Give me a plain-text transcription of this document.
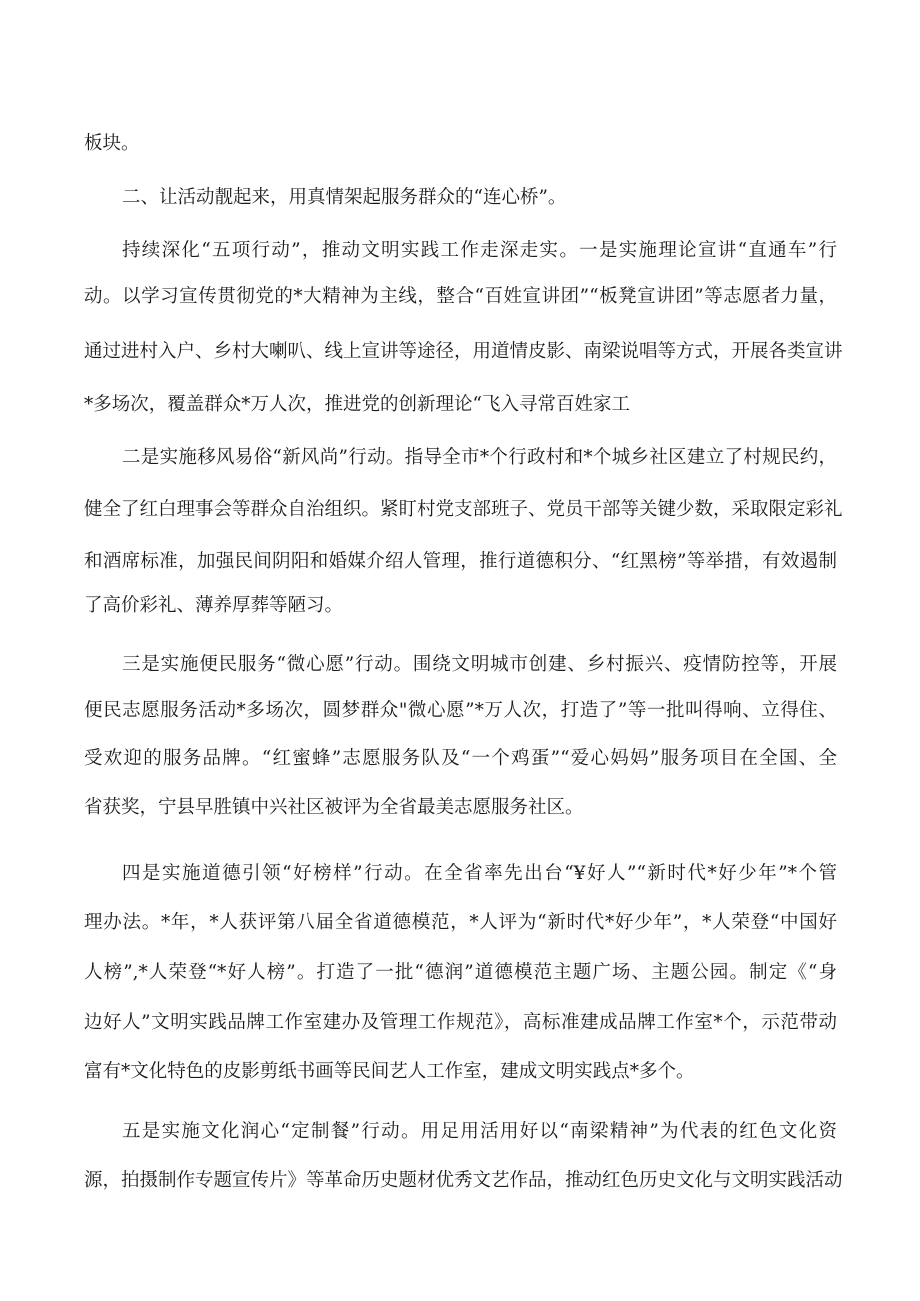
板块。
二、让活动靓起来，用真情架起服务群众的“连心桥”。
持续深化“五项行动”，推动文明实践工作走深走实。一是实施理论宣讲“直通车”行
动。以学习宣传贯彻党的*大精神为主线，整合“百姓宣讲团”“板凳宣讲团”等志愿者力量，
通过进村入户、乡村大喇叭、线上宣讲等途径，用道情皮影、南梁说唱等方式，开展各类宣讲
*多场次，覆盖群众*万人次，推进党的创新理论“飞入寻常百姓家工
二是实施移风易俗“新风尚”行动。指导全市*个行政村和*个城乡社区建立了村规民约，
健全了红白理事会等群众自治组织。紧盯村党支部班子、党员干部等关键少数，采取限定彩礼
和酒席标准，加强民间阴阳和婚媒介绍人管理，推行道德积分、“红黑榜”等举措，有效遏制
了高价彩礼、薄养厚葬等陋习。
三是实施便民服务“微心愿”行动。围绕文明城市创建、乡村振兴、疫情防控等，开展
便民志愿服务活动*多场次，圆梦群众"微心愿”*万人次，打造了”等一批叫得响、立得住、
受欢迎的服务品牌。“红蜜蜂”志愿服务队及“一个鸡蛋”“爱心妈妈”服务项目在全国、全
省获奖，宁县早胜镇中兴社区被评为全省最美志愿服务社区。
四是实施道德引领“好榜样”行动。在全省率先出台“¥好人”“新时代*好少年”*个管
理办法。*年，*人获评第八届全省道德模范，*人评为“新时代*好少年”，*人荣登“中国好
人榜”,*人荣登“*好人榜”。打造了一批“德润”道德模范主题广场、主题公园。制定《“身
边好人”文明实践品牌工作室建办及管理工作规范》，高标准建成品牌工作室*个，示范带动
富有*文化特色的皮影剪纸书画等民间艺人工作室，建成文明实践点*多个。
五是实施文化润心“定制餐”行动。用足用活用好以“南梁精神”为代表的红色文化资
源，拍摄制作专题宣传片》等革命历史题材优秀文艺作品，推动红色历史文化与文明实践活动
